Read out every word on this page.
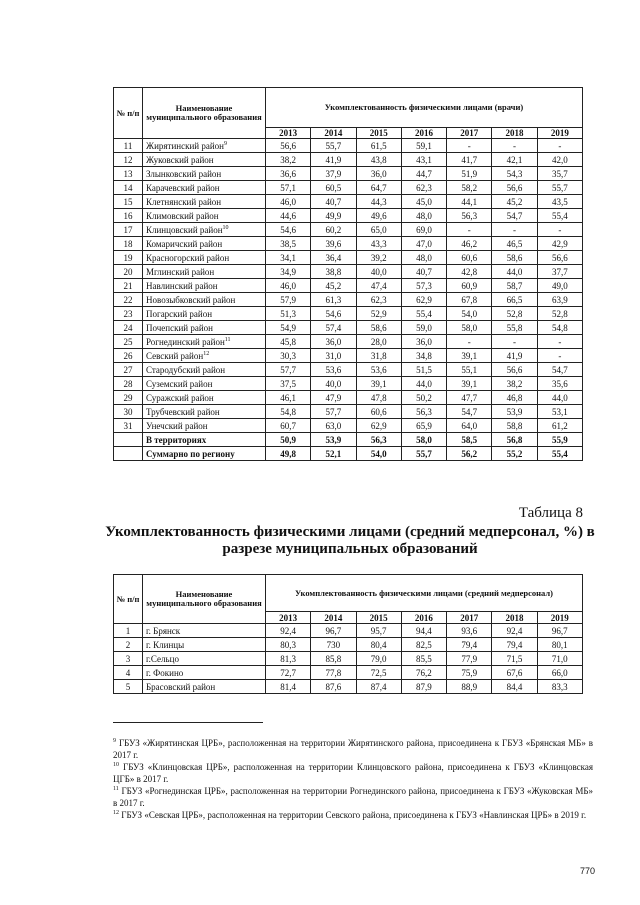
№ п/п	Наименование муниципального образования	Укомплектованность физическими лицами (врачи)						
		2013	2014	2015	2016	2017	2018	2019
11	Жирятинский район$^9$	56,6	55,7	61,5	59,1	-	-	-
12	Жуковский район	38,2	41,9	43,8	43,1	41,7	42,1	42,0
13	Злынковский район	36,6	37,9	36,0	44,7	51,9	54,3	35,7
14	Карачевский район	57,1	60,5	64,7	62,3	58,2	56,6	55,7
15	Клетнянский район	46,0	40,7	44,3	45,0	44,1	45,2	43,5
16	Климовский район	44,6	49,9	49,6	48,0	56,3	54,7	55,4
17	Клинцовский район$^{10}$	54,6	60,2	65,0	69,0	-	-	-
18	Комаричский район	38,5	39,6	43,3	47,0	46,2	46,5	42,9
19	Красногорский район	34,1	36,4	39,2	48,0	60,6	58,6	56,6
20	Мглинский район	34,9	38,8	40,0	40,7	42,8	44,0	37,7
21	Навлинский район	46,0	45,2	47,4	57,3	60,9	58,7	49,0
22	Новозыбковский район	57,9	61,3	62,3	62,9	67,8	66,5	63,9
23	Погарский район	51,3	54,6	52,9	55,4	54,0	52,8	52,8
24	Почепский район	54,9	57,4	58,6	59,0	58,0	55,8	54,8
25	Рогнединский район$^{11}$	45,8	36,0	28,0	36,0	-	-	-
26	Севский район$^{12}$	30,3	31,0	31,8	34,8	39,1	41,9	-
27	Стародубский район	57,7	53,6	53,6	51,5	55,1	56,6	54,7
28	Суземский район	37,5	40,0	39,1	44,0	39,1	38,2	35,6
29	Суражский район	46,1	47,9	47,8	50,2	47,7	46,8	44,0
30	Трубчевский район	54,8	57,7	60,6	56,3	54,7	53,9	53,1
31	Унечский район	60,7	63,0	62,9	65,9	64,0	58,8	61,2
	В территориях	50,9	53,9	56,3	58,0	58,5	56,8	55,9
	Суммарно по региону	49,8	52,1	54,0	55,7	56,2	55,2	55,4
Таблица 8
Укомплектованность физическими лицами (средний медперсонал, %) в разрезе муниципальных образований
№ п/п	Наименование муниципального образования	Укомплектованность физическими лицами (средний медперсонал)						
		2013	2014	2015	2016	2017	2018	2019
1	г. Брянск	92,4	96,7	95,7	94,4	93,6	92,4	96,7
2	г. Клинцы	80,3	730	80,4	82,5	79,4	79,4	80,1
3	г.Сельцо	81,3	85,8	79,0	85,5	77,9	71,5	71,0
4	г. Фокино	72,7	77,8	72,5	76,2	75,9	67,6	66,0
5	Брасовский район	81,4	87,6	87,4	87,9	88,9	84,4	83,3
$^9$ ГБУЗ «Жирятинская ЦРБ», расположенная на территории Жирятинского района, присоединена к ГБУЗ «Брянская МБ» в 2017 г.
$^{10}$ ГБУЗ «Клинцовская ЦРБ», расположенная на территории Клинцовского района, присоединена к ГБУЗ «Клинцовская ЦГБ» в 2017 г.
$^{11}$ ГБУЗ «Рогнединская ЦРБ», расположенная на территории Рогнединского района, присоединена к ГБУЗ «Жуковская МБ» в 2017 г.
$^{12}$ ГБУЗ «Севская ЦРБ», расположенная на территории Севского района, присоединена к ГБУЗ «Навлинская ЦРБ» в 2019 г.
770
